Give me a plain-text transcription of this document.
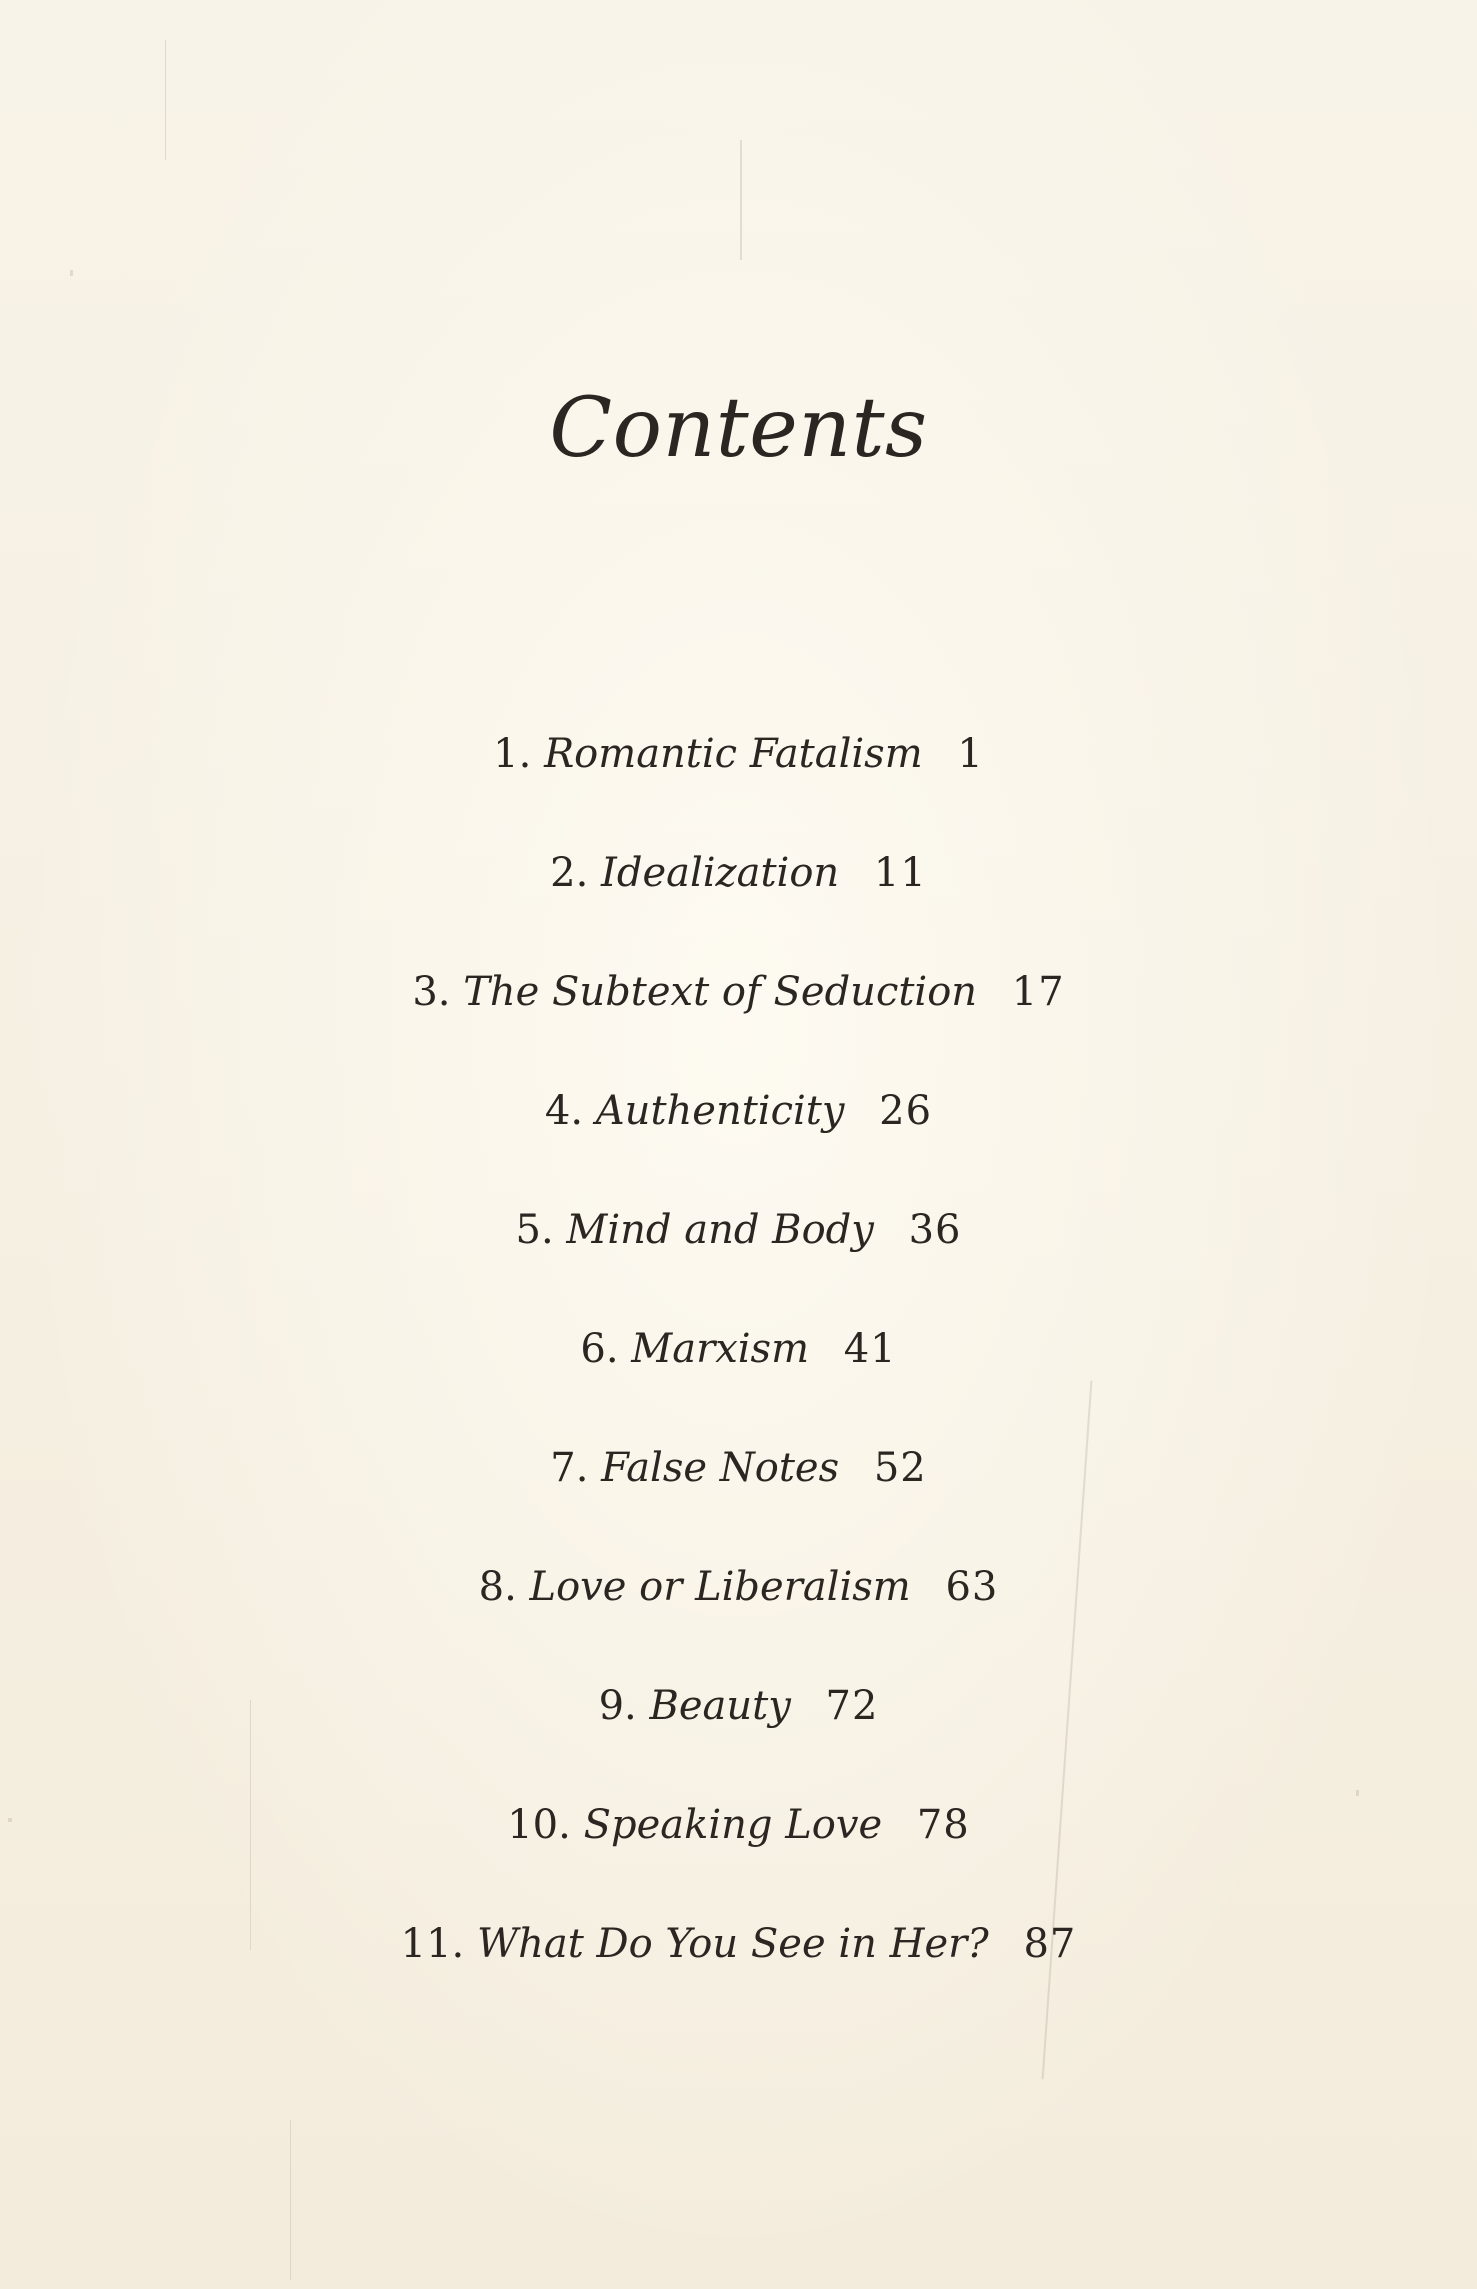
Contents
1. Romantic Fatalism 1
2. Idealization 11
3. The Subtext of Seduction 17
4. Authenticity 26
5. Mind and Body 36
6. Marxism 41
7. False Notes 52
8. Love or Liberalism 63
9. Beauty 72
10. Speaking Love 78
11. What Do You See in Her? 87
